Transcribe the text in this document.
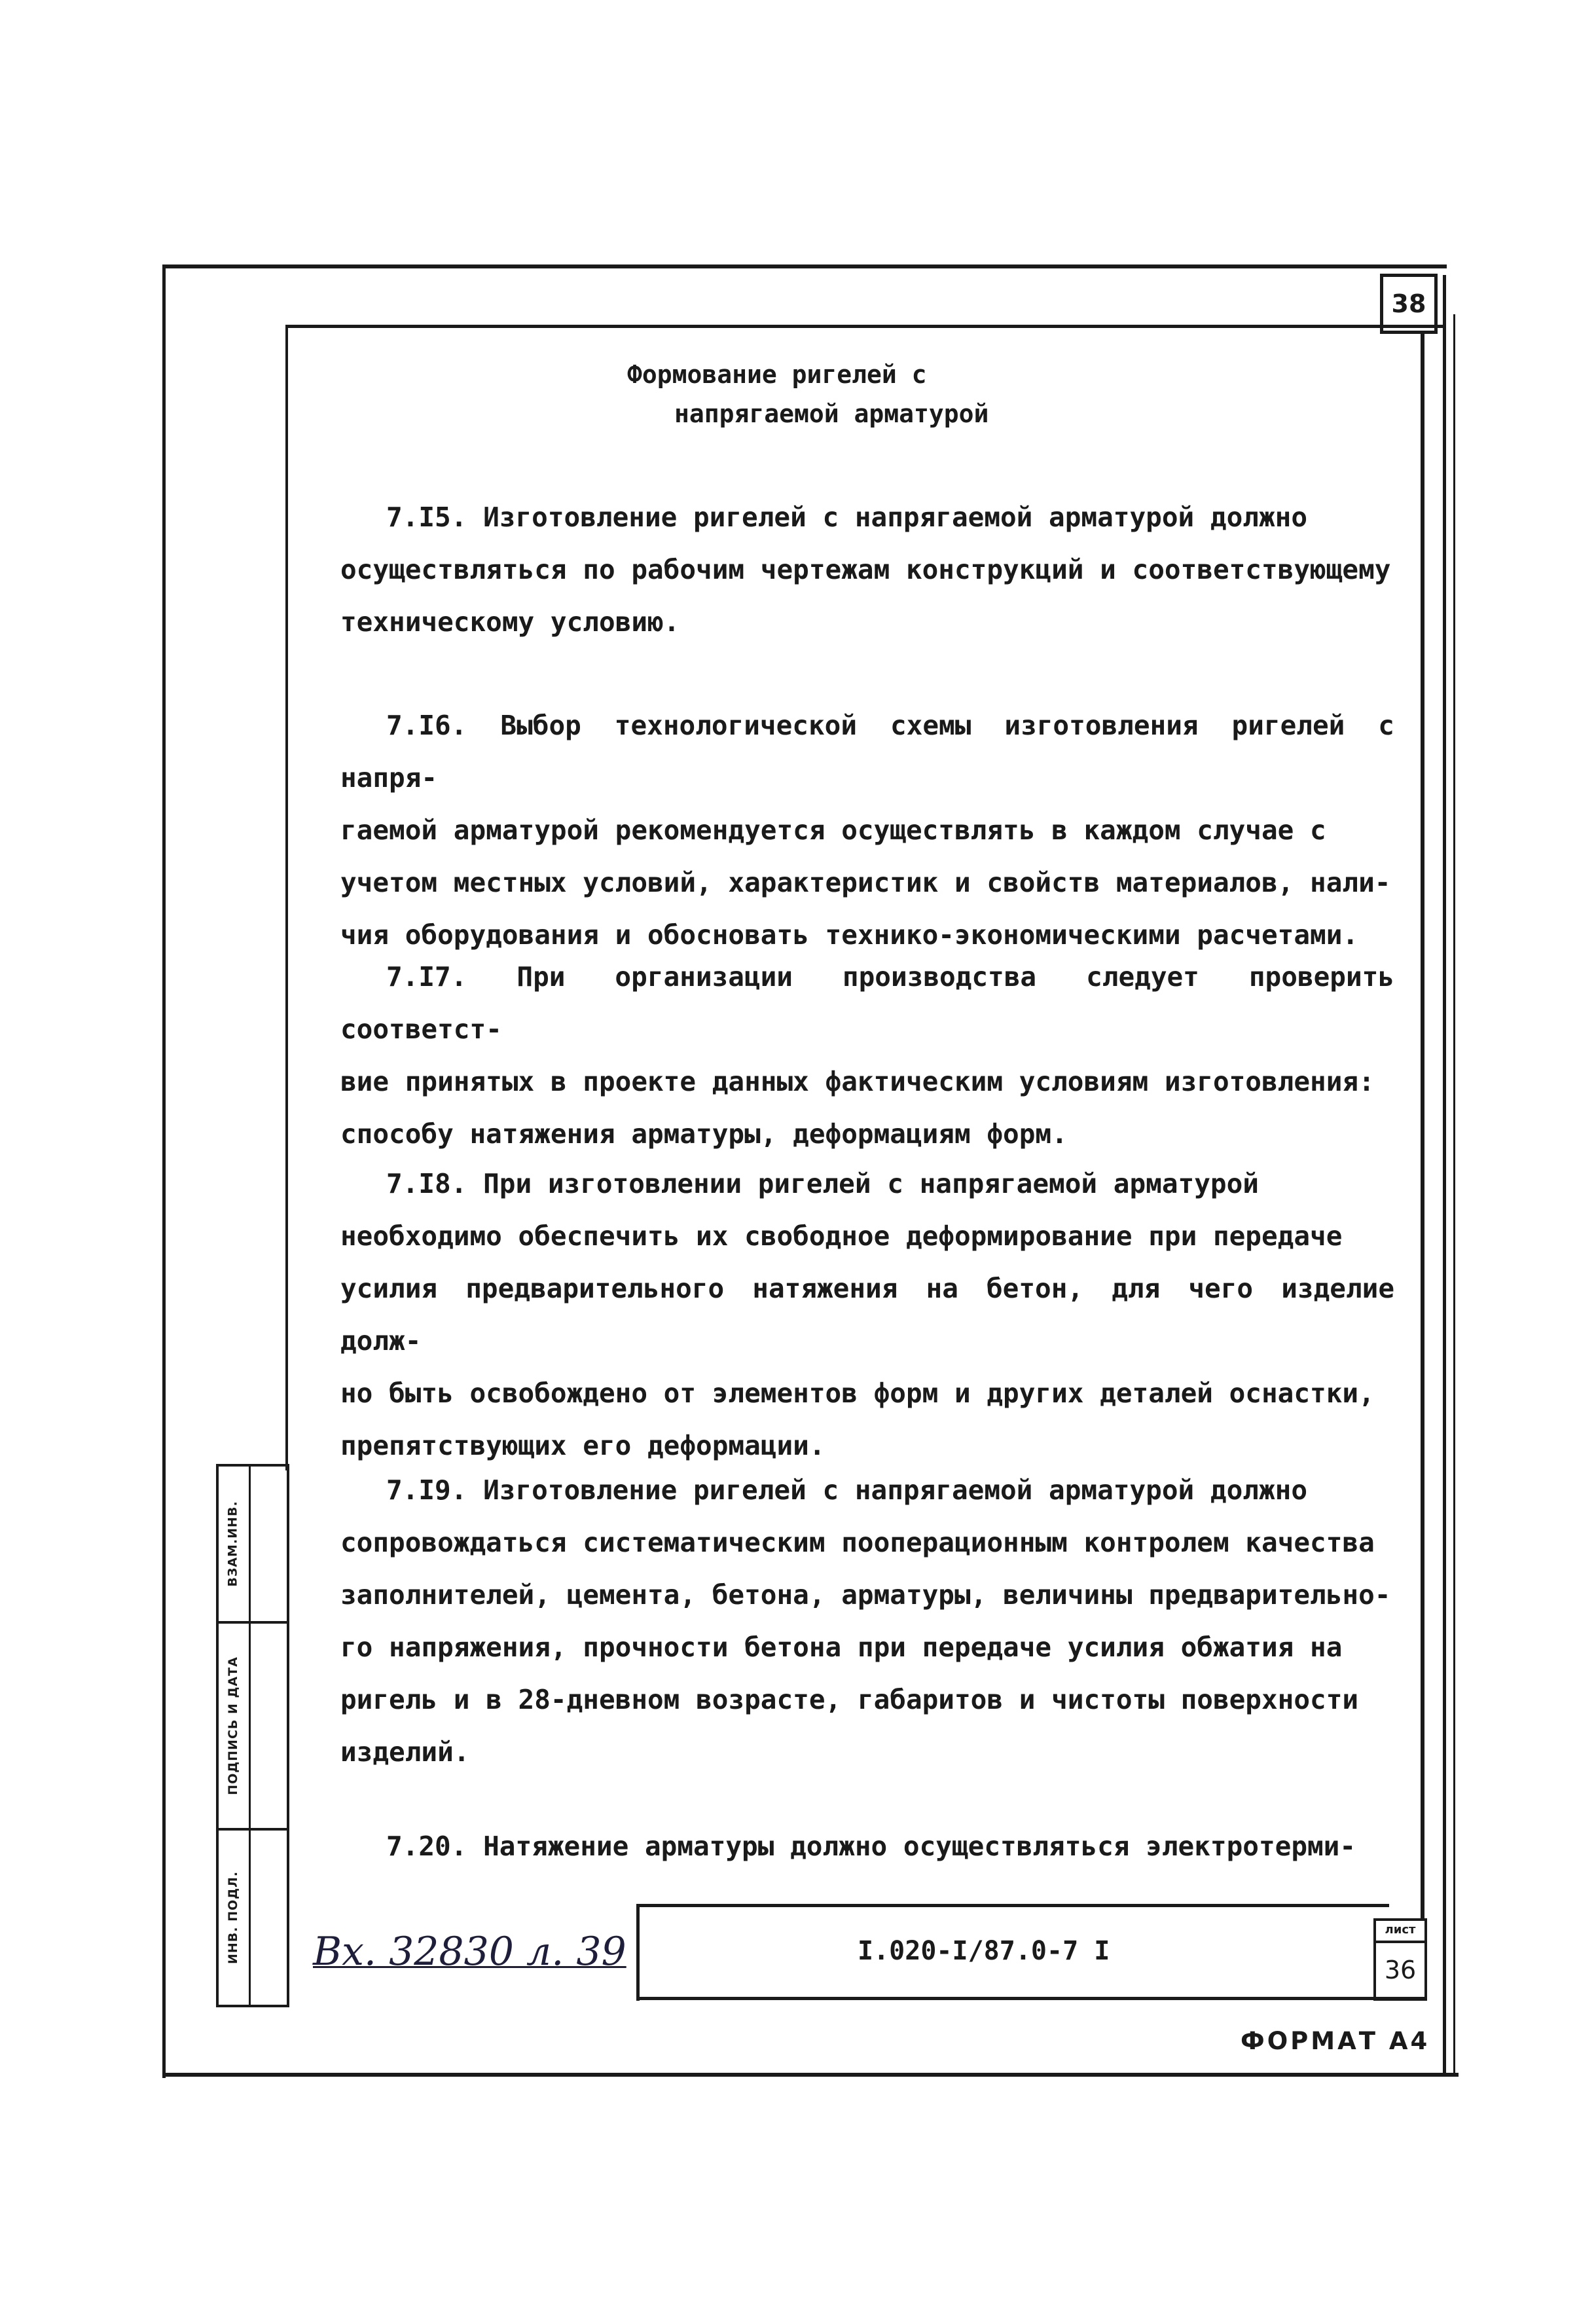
38
Формование ригелей с
напрягаемой арматурой

7.I5. Изготовление ригелей с напрягаемой арматурой должно

осуществляться по рабочим чертежам конструкций и соответствующему

техническому условию.

7.I6. Выбор технологической схемы изготовления ригелей с напря-

гаемой арматурой рекомендуется осуществлять в каждом случае с

учетом местных условий, характеристик и свойств материалов, нали-

чия оборудования и обосновать технико-экономическими расчетами.

7.I7. При организации производства следует проверить соответст-

вие принятых в проекте данных фактическим условиям изготовления:

способу натяжения арматуры, деформациям форм.

7.I8. При изготовлении ригелей с напрягаемой арматурой

необходимо обеспечить их свободное деформирование при передаче

усилия предварительного натяжения на бетон, для чего изделие долж-

но быть освобождено от элементов форм и других деталей оснастки,

препятствующих его деформации.

7.I9. Изготовление ригелей с напрягаемой арматурой должно

сопровождаться систематическим пооперационным контролем качества

заполнителей, цемента, бетона, арматуры, величины предварительно-

го напряжения, прочности бетона при передаче усилия обжатия на

ригель и в 28-дневном возрасте, габаритов и чистоты поверхности

изделий.

7.20. Натяжение арматуры должно осуществляться электротерми-

ВЗАМ.ИНВ.
ПОДПИСЬ И ДАТА
ИНВ. ПОДЛ. Вх. 32830 л. 39	I.020-I/87.0-7 I
лист
36
ФОРМАТ А4
